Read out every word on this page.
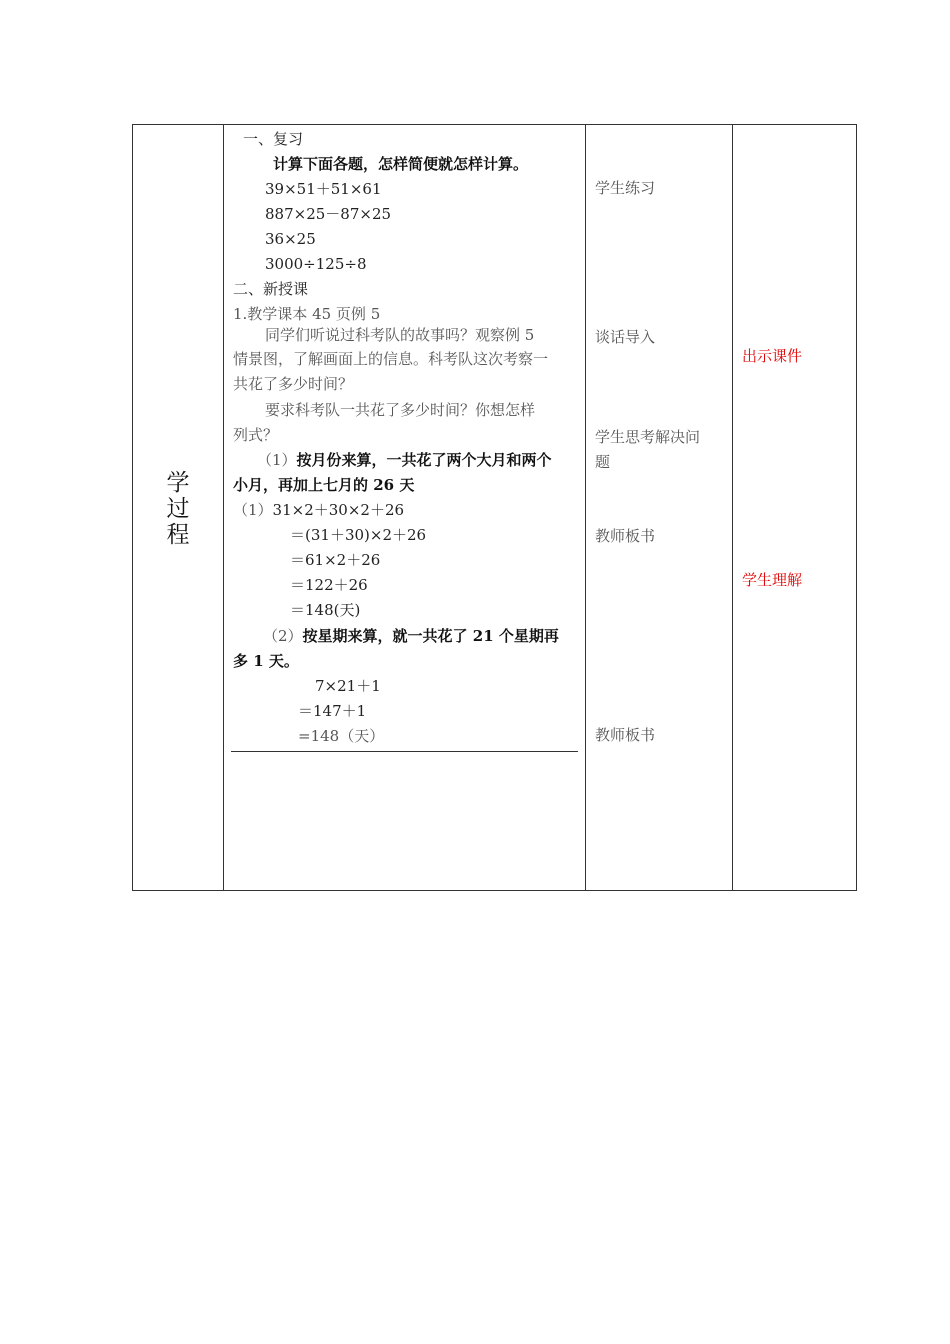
学
过
程
一、复习
计算下面各题，怎样简便就怎样计算。
39×51＋51×61
887×25－87×25
36×25
3000÷125÷8
二、新授课
1.教学课本 45 页例 5
同学们听说过科考队的故事吗？观察例 5
情景图，了解画面上的信息。科考队这次考察一
共花了多少时间？
要求科考队一共花了多少时间？你想怎样
列式？
（1）按月份来算，一共花了两个大月和两个
小月，再加上七月的 26 天
（1）31×2＋30×2＋26
＝(31＋30)×2＋26
＝61×2＋26
＝122＋26
＝148(天)
（2）按星期来算，就一共花了 21 个星期再
多 1 天。
7×21＋1
＝147＋1
=148（天）
学生练习
谈话导入
学生思考解决问
题
教师板书
教师板书
出示课件
学生理解
